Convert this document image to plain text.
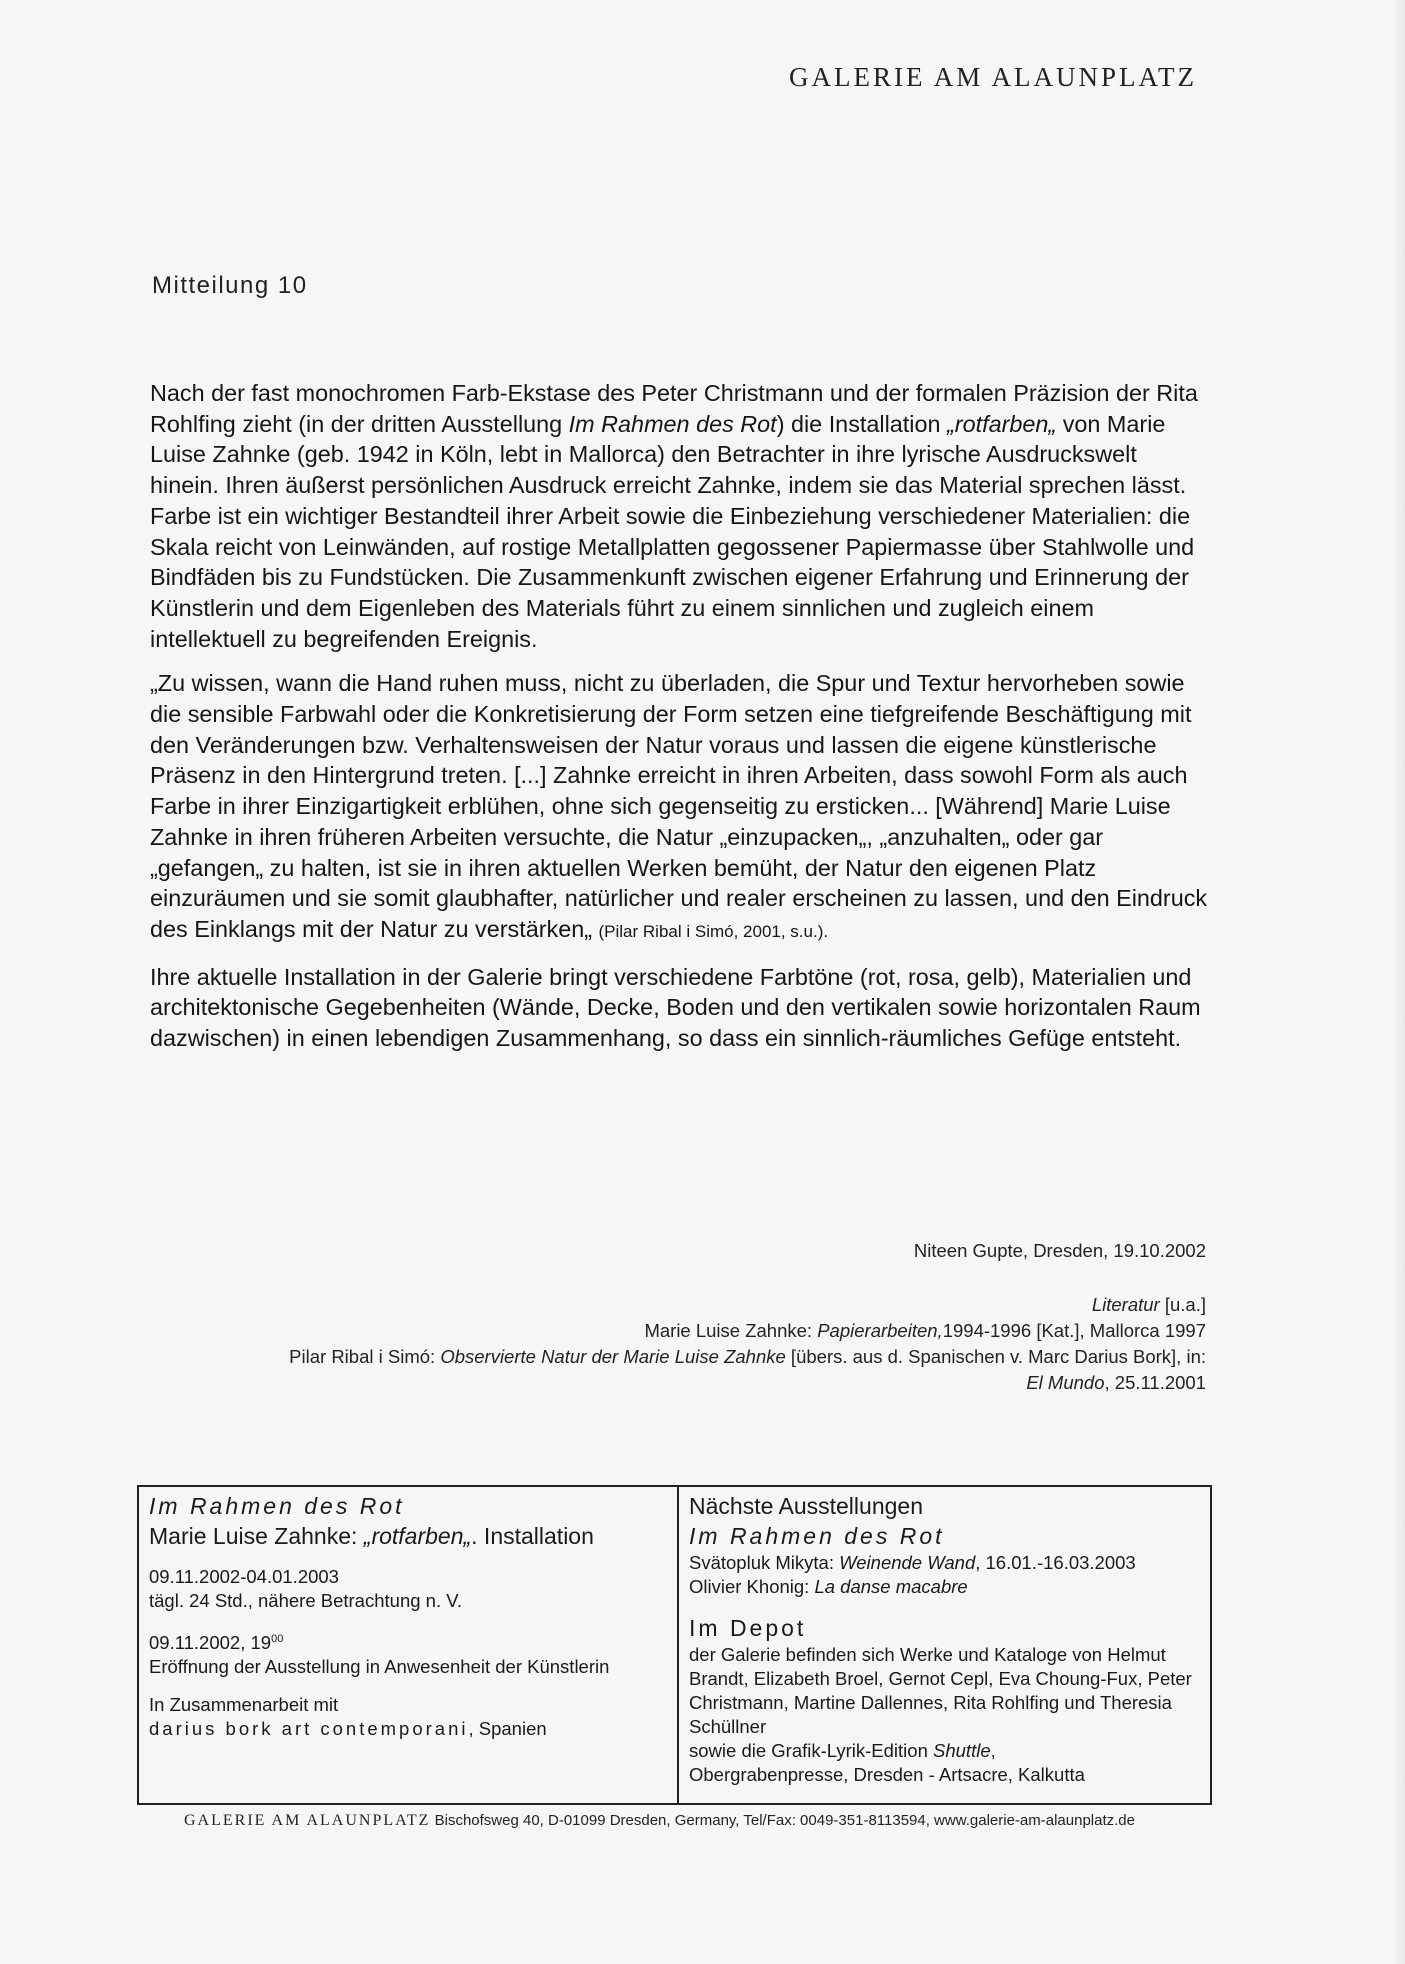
GALERIE AM ALAUNPLATZ
Mitteilung 10

Nach der fast monochromen Farb-Ekstase des Peter Christmann und der formalen Präzision der Rita Rohlfing zieht (in der dritten Ausstellung Im Rahmen des Rot) die Installation „rotfarben„ von Marie Luise Zahnke (geb. 1942 in Köln, lebt in Mallorca) den Betrachter in ihre lyrische Ausdruckswelt hinein. Ihren äußerst persönlichen Ausdruck erreicht Zahnke, indem sie das Material sprechen lässt. Farbe ist ein wichtiger Bestandteil ihrer Arbeit sowie die Einbeziehung verschiedener Materialien: die Skala reicht von Leinwänden, auf rostige Metallplatten gegossener Papiermasse über Stahlwolle und Bindfäden bis zu Fundstücken. Die Zusammenkunft zwischen eigener Erfahrung und Erinnerung der Künstlerin und dem Eigenleben des Materials führt zu einem sinnlichen und zugleich einem intellektuell zu begreifenden Ereignis.

„Zu wissen, wann die Hand ruhen muss, nicht zu überladen, die Spur und Textur hervorheben sowie die sensible Farbwahl oder die Konkretisierung der Form setzen eine tiefgreifende Beschäftigung mit den Veränderungen bzw. Verhaltensweisen der Natur voraus und lassen die eigene künstlerische Präsenz in den Hintergrund treten. [...] Zahnke erreicht in ihren Arbeiten, dass sowohl Form als auch Farbe in ihrer Einzigartigkeit erblühen, ohne sich gegenseitig zu ersticken... [Während] Marie Luise Zahnke in ihren früheren Arbeiten versuchte, die Natur „einzupacken„, „anzuhalten„ oder gar „gefangen„ zu halten, ist sie in ihren aktuellen Werken bemüht, der Natur den eigenen Platz einzuräumen und sie somit glaubhafter, natürlicher und realer erscheinen zu lassen, und den Eindruck des Einklangs mit der Natur zu verstärken„ (Pilar Ribal i Simó, 2001, s.u.).

Ihre aktuelle Installation in der Galerie bringt verschiedene Farbtöne (rot, rosa, gelb), Materialien und architektonische Gegebenheiten (Wände, Decke, Boden und den vertikalen sowie horizontalen Raum dazwischen) in einen lebendigen Zusammenhang, so dass ein sinnlich-räumliches Gefüge entsteht.

Niteen Gupte, Dresden, 19.10.2002
Literatur [u.a.]
Marie Luise Zahnke: Papierarbeiten,1994-1996 [Kat.], Mallorca 1997
Pilar Ribal i Simó: Observierte Natur der Marie Luise Zahnke [übers. aus d. Spanischen v. Marc Darius Bork], in:
El Mundo, 25.11.2001
Im Rahmen des Rot
Marie Luise Zahnke: „rotfarben„. Installation
09.11.2002-04.01.2003
tägl. 24 Std., nähere Betrachtung n. V.
09.11.2002, $19^{00}$
Eröffnung der Ausstellung in Anwesenheit der Künstlerin
In Zusammenarbeit mit
darius bork art contemporani, Spanien
Nächste Ausstellungen
Im Rahmen des Rot
Svätopluk Mikyta: Weinende Wand, 16.01.-16.03.2003
Olivier Khonig: La danse macabre
Im Depot
der Galerie befinden sich Werke und Kataloge von Helmut Brandt, Elizabeth Broel, Gernot Cepl, Eva Choung-Fux, Peter Christmann, Martine Dallennes, Rita Rohlfing und Theresia Schüllner
sowie die Grafik-Lyrik-Edition Shuttle,
Obergrabenpresse, Dresden - Artsacre, Kalkutta
GALERIE AM ALAUNPLATZ Bischofsweg 40, D-01099 Dresden, Germany, Tel/Fax: 0049-351-8113594, www.galerie-am-alaunplatz.de
